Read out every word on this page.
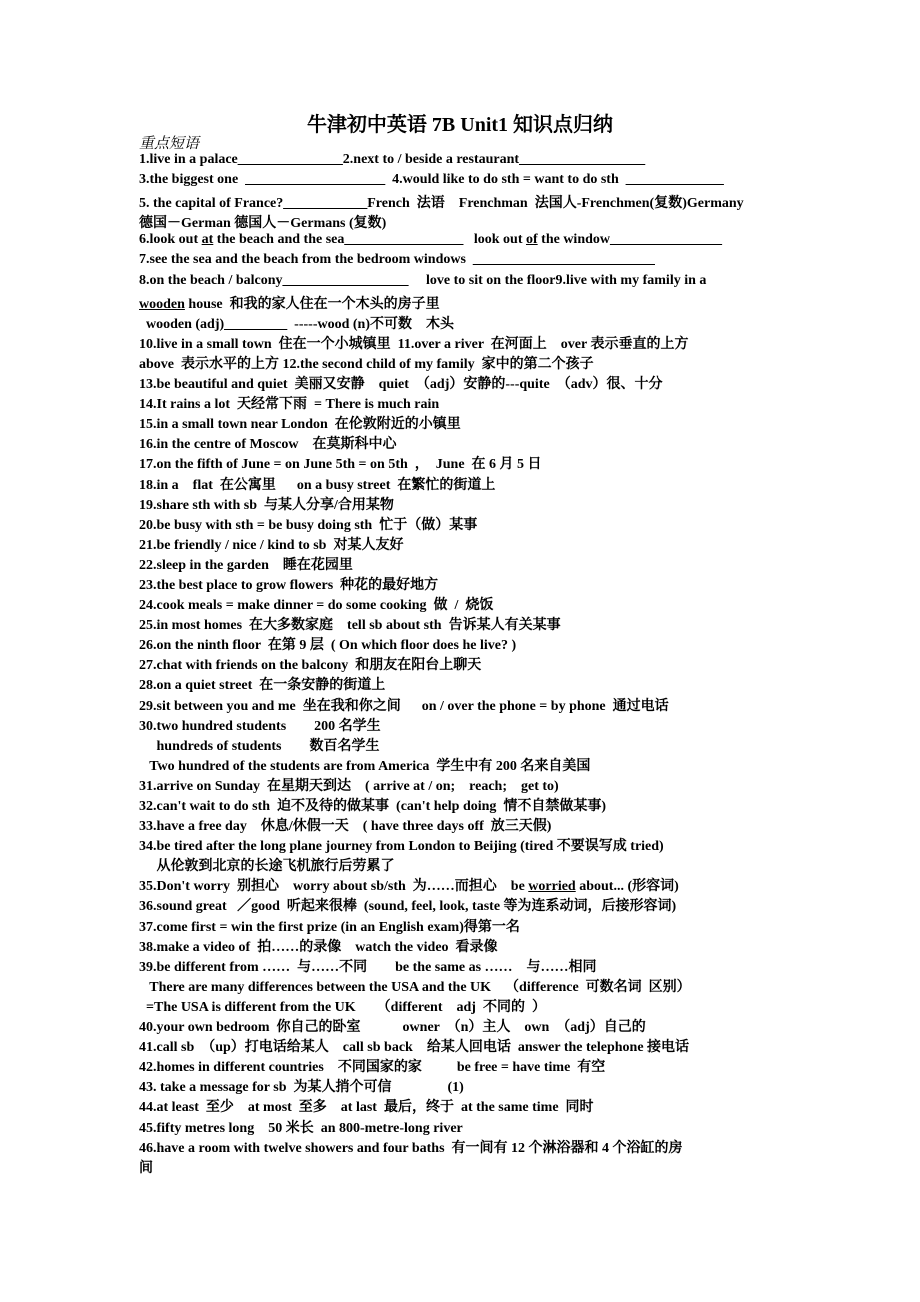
牛津初中英语 7B Unit1 知识点归纳
重点短语
1.live in a palace_______________2.next to / beside a restaurant__________________
3.the biggest one  ____________________  4.would like to do sth = want to do sth  ______________
5. the capital of France?____________French  法语    Frenchman  法国人-Frenchmen(复数)Germany
德国－German 德国人－Germans (复数)
6.look out at the beach and the sea_________________   look out of the window________________
7.see the sea and the beach from the bedroom windows  __________________________
8.on the beach / balcony__________________     love to sit on the floor9.live with my family in a
wooden house  和我的家人住在一个木头的房子里
wooden (adj)_________  -----wood (n)不可数    木头
10.live in a small town  住在一个小城镇里  11.over a river  在河面上    over 表示垂直的上方
above  表示水平的上方 12.the second child of my family  家中的第二个孩子
13.be beautiful and quiet  美丽又安静    quiet  （adj）安静的---quite  （adv）很、十分
14.It rains a lot  天经常下雨  = There is much rain
15.in a small town near London  在伦敦附近的小镇里
16.in the centre of Moscow    在莫斯科中心
17.on the fifth of June = on June 5th = on 5th  ，  June  在 6 月 5 日
18.in a    flat  在公寓里      on a busy street  在繁忙的街道上
19.share sth with sb  与某人分享/合用某物
20.be busy with sth = be busy doing sth  忙于（做）某事
21.be friendly / nice / kind to sb  对某人友好
22.sleep in the garden    睡在花园里
23.the best place to grow flowers  种花的最好地方
24.cook meals = make dinner = do some cooking  做  /  烧饭
25.in most homes  在大多数家庭    tell sb about sth  告诉某人有关某事
26.on the ninth floor  在第 9 层  ( On which floor does he live? )
27.chat with friends on the balcony  和朋友在阳台上聊天
28.on a quiet street  在一条安静的街道上
29.sit between you and me  坐在我和你之间      on / over the phone = by phone  通过电话
30.two hundred students        200 名学生
hundreds of students        数百名学生
Two hundred of the students are from America  学生中有 200 名来自美国
31.arrive on Sunday  在星期天到达    ( arrive at / on;    reach;    get to)
32.can't wait to do sth  迫不及待的做某事  (can't help doing  情不自禁做某事)
33.have a free day    休息/休假一天    ( have three days off  放三天假)
34.be tired after the long plane journey from London to Beijing (tired 不要误写成 tried)
从伦敦到北京的长途飞机旅行后劳累了
35.Don't worry  别担心    worry about sb/sth  为……而担心    be worried about... (形容词)
36.sound great   ／good  听起来很棒  (sound, feel, look, taste 等为连系动词，后接形容词)
37.come first = win the first prize (in an English exam)得第一名
38.make a video of  拍……的录像    watch the video  看录像
39.be different from ……  与……不同        be the same as ……    与……相同
There are many differences between the USA and the UK    （difference  可数名词  区别）
=The USA is different from the UK      （different    adj  不同的  ）
40.your own bedroom  你自己的卧室            owner  （n）主人    own  （adj）自己的
41.call sb  （up）打电话给某人    call sb back    给某人回电话  answer the telephone 接电话
42.homes in different countries    不同国家的家          be free = have time  有空
43. take a message for sb  为某人捎个可信                (1)
44.at least  至少    at most  至多    at last  最后，终于  at the same time  同时
45.fifty metres long    50 米长  an 800-metre-long river
46.have a room with twelve showers and four baths  有一间有 12 个淋浴器和 4 个浴缸的房
间
